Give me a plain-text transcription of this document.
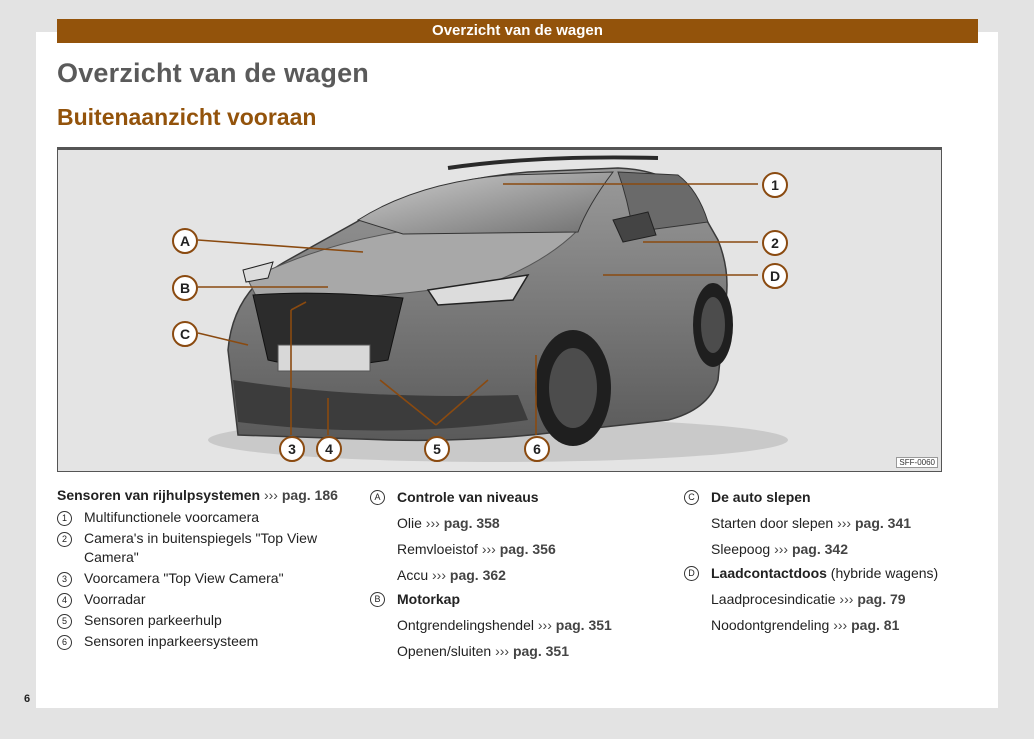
Overzicht van de wagen
Overzicht van de wagen
Buitenaanzicht vooraan
1
2
D
A
B
C
3	4	5	6
SFF-0060
Sensoren van rijhulpsystemen ››› pag. 186
1	Multifunctionele voorcamera
2	Camera's in buitenspiegels "Top View Camera"
3	Voorcamera "Top View Camera"
4	Voorradar
5	Sensoren parkeerhulp
6	Sensoren inparkeersysteem
A	Controle van niveaus
Olie ››› pag. 358
Remvloeistof ››› pag. 356
Accu ››› pag. 362
B	Motorkap
Ontgrendelingshendel ››› pag. 351
Openen/sluiten ››› pag. 351
C	De auto slepen
Starten door slepen ››› pag. 341
Sleepoog ››› pag. 342
D	Laadcontactdoos (hybride wagens)
Laadprocesindicatie ››› pag. 79
Noodontgrendeling ››› pag. 81
6
